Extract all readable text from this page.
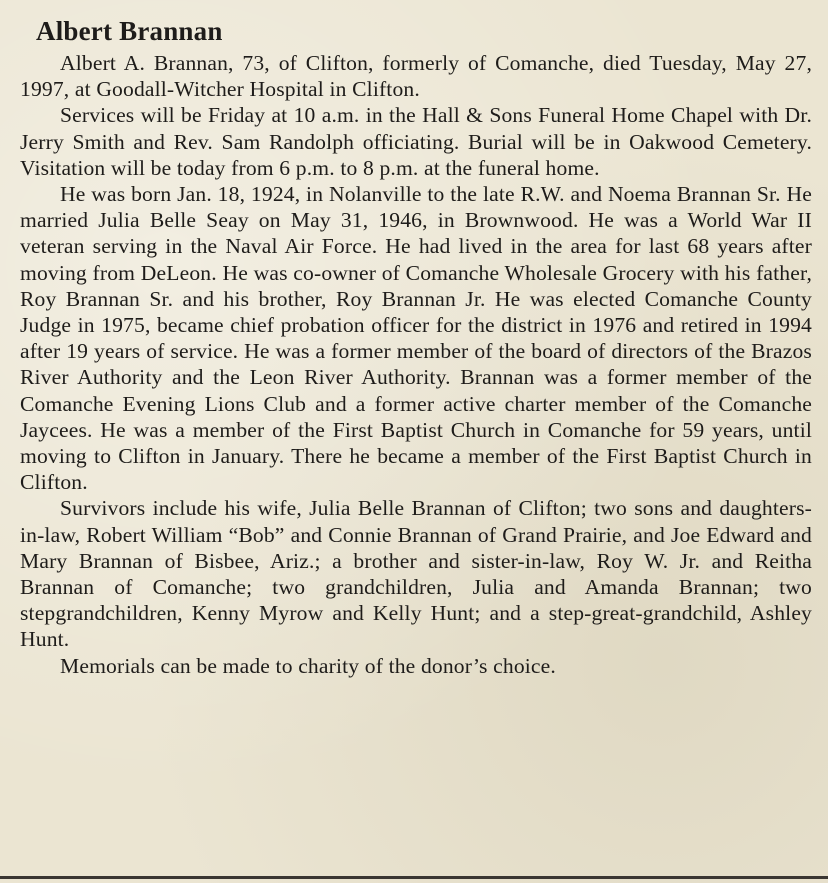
Albert Brannan

Albert A. Brannan, 73, of Clifton, formerly of Comanche, died Tuesday, May 27, 1997, at Goodall-Witcher Hospital in Clifton.

Services will be Friday at 10 a.m. in the Hall & Sons Funeral Home Chapel with Dr. Jerry Smith and Rev. Sam Randolph officiating. Burial will be in Oakwood Cemetery. Visitation will be today from 6 p.m. to 8 p.m. at the funeral home.

He was born Jan. 18, 1924, in Nolanville to the late R.W. and Noema Brannan Sr. He married Julia Belle Seay on May 31, 1946, in Brownwood. He was a World War II veteran serving in the Naval Air Force. He had lived in the area for last 68 years after moving from DeLeon. He was co-owner of Comanche Wholesale Grocery with his father, Roy Brannan Sr. and his brother, Roy Brannan Jr. He was elected Comanche County Judge in 1975, became chief probation officer for the district in 1976 and retired in 1994 after 19 years of service. He was a former member of the board of directors of the Brazos River Authority and the Leon River Authority. Brannan was a former member of the Comanche Evening Lions Club and a former active charter member of the Comanche Jaycees. He was a member of the First Baptist Church in Comanche for 59 years, until moving to Clifton in January. There he became a member of the First Baptist Church in Clifton.

Survivors include his wife, Julia Belle Brannan of Clifton; two sons and daughters-in-law, Robert William “Bob” and Connie Brannan of Grand Prairie, and Joe Edward and Mary Brannan of Bisbee, Ariz.; a brother and sister-in-law, Roy W. Jr. and Reitha Brannan of Comanche; two grandchildren, Julia and Amanda Brannan; two stepgrandchildren, Kenny Myrow and Kelly Hunt; and a step-great-grandchild, Ashley Hunt.

Memorials can be made to charity of the donor’s choice.
